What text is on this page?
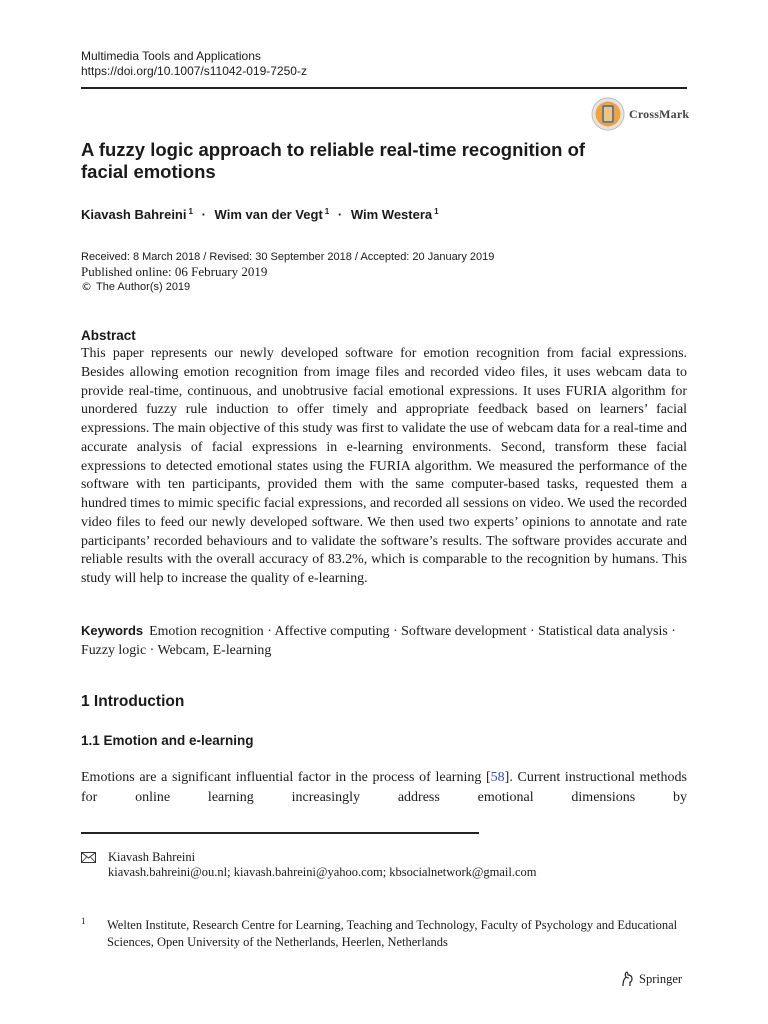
Multimedia Tools and Applications
https://doi.org/10.1007/s11042-019-7250-z
CrossMark
A fuzzy logic approach to reliable real-time recognition of facial emotions
Kiavash Bahreini $^1$ · Wim van der Vegt $^1$ · Wim Westera $^1$
Received: 8 March 2018 / Revised: 30 September 2018 / Accepted: 20 January 2019
Published online: 06 February 2019
© The Author(s) 2019
Abstract

This paper represents our newly developed software for emotion recognition from facial expressions. Besides allowing emotion recognition from image files and recorded video files, it uses webcam data to provide real-time, continuous, and unobtrusive facial emotional expressions. It uses FURIA algorithm for unordered fuzzy rule induction to offer timely and appropriate feedback based on learners’ facial expressions. The main objective of this study was first to validate the use of webcam data for a real-time and accurate analysis of facial expressions in e-learning environments. Second, transform these facial expressions to detected emotional states using the FURIA algorithm. We measured the performance of the software with ten participants, provided them with the same computer-based tasks, requested them a hundred times to mimic specific facial expressions, and recorded all sessions on video. We used the recorded video files to feed our newly developed software. We then used two experts’ opinions to annotate and rate participants’ recorded behaviours and to validate the software’s results. The software provides accurate and reliable results with the overall accuracy of 83.2%, which is comparable to the recognition by humans. This study will help to increase the quality of e-learning.

Keywords Emotion recognition · Affective computing · Software development · Statistical data analysis · Fuzzy logic · Webcam, E-learning

1 Introduction
1.1 Emotion and e-learning

Emotions are a significant influential factor in the process of learning [58]. Current instructional methods for online learning increasingly address emotional dimensions by

Kiavash Bahreini
kiavash.bahreini@ou.nl; kiavash.bahreini@yahoo.com; kbsocialnetwork@gmail.com
1 Welten Institute, Research Centre for Learning, Teaching and Technology, Faculty of Psychology and Educational Sciences, Open University of the Netherlands, Heerlen, Netherlands

Springer
